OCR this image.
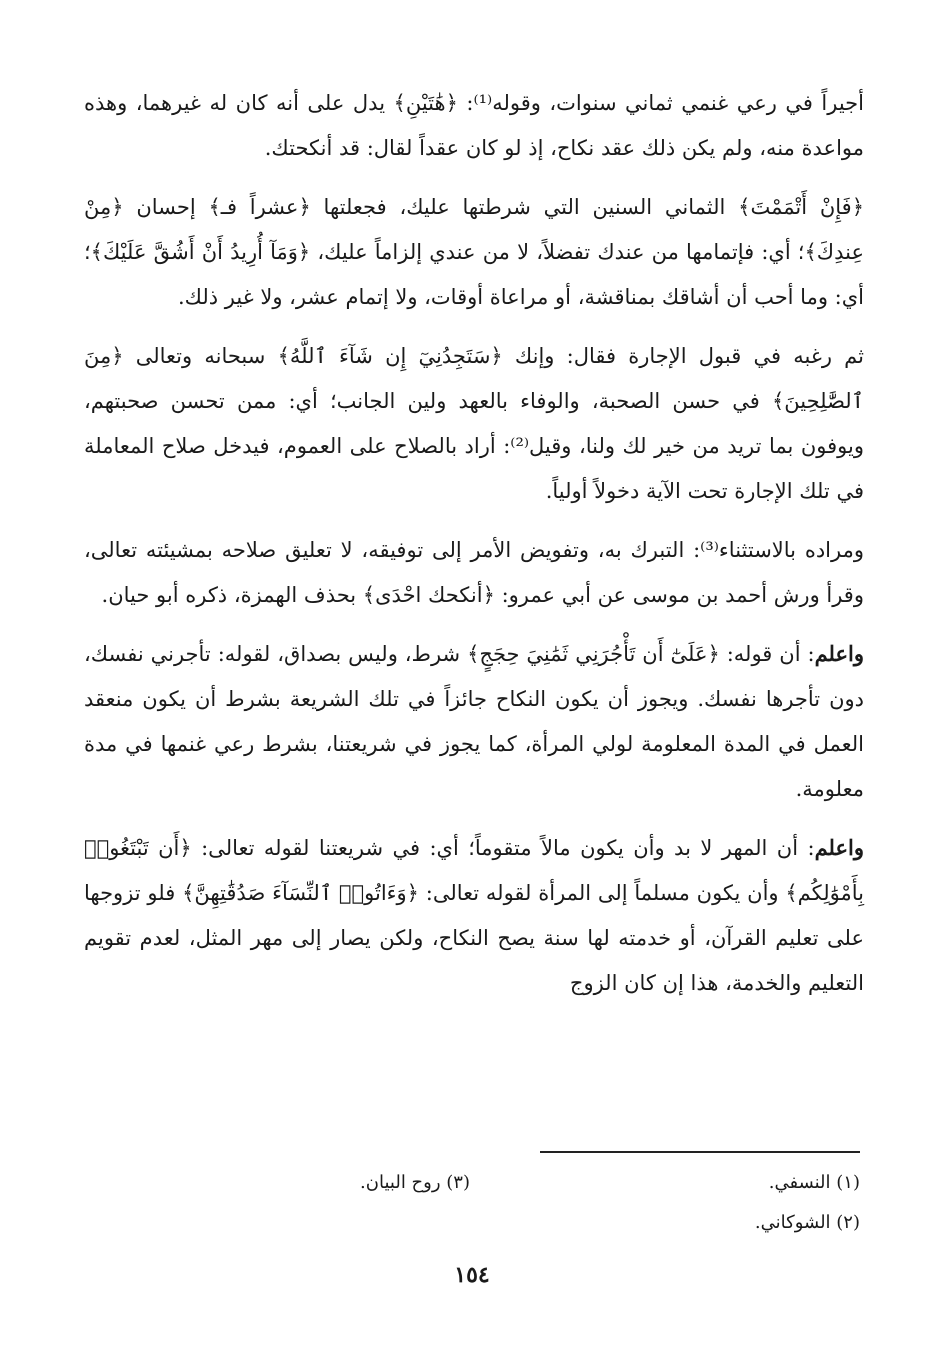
أجيراً في رعي غنمي ثماني سنوات، وقوله⁽¹⁾: ﴿هَٰتَيْنِ﴾ يدل على أنه كان له غيرهما، وهذه مواعدة منه، ولم يكن ذلك عقد نكاح، إذ لو كان عقداً لقال: قد أنكحتك.

﴿فَإِنْ أَتْمَمْتَ﴾ الثماني السنين التي شرطتها عليك، فجعلتها ﴿عشراً فـ﴾ إحسان ﴿مِنْ عِندِكَ﴾؛ أي: فإتمامها من عندك تفضلاً، لا من عندي إلزاماً عليك، ﴿وَمَآ أُرِيدُ أَنْ أَشُقَّ عَلَيْكَ﴾؛ أي: وما أحب أن أشاقك بمناقشة، أو مراعاة أوقات، ولا إتمام عشر، ولا غير ذلك.

ثم رغبه في قبول الإجارة فقال: وإنك ﴿سَتَجِدُنِيٓ إِن شَآءَ ٱللَّهُ﴾ سبحانه وتعالى ﴿مِنَ ٱلصَّٰلِحِينَ﴾ في حسن الصحبة، والوفاء بالعهد ولين الجانب؛ أي: ممن تحسن صحبتهم، ويوفون بما تريد من خير لك ولنا، وقيل⁽²⁾: أراد بالصلاح على العموم، فيدخل صلاح المعاملة في تلك الإجارة تحت الآية دخولاً أولياً.

ومراده بالاستثناء⁽³⁾: التبرك به، وتفويض الأمر إلى توفيقه، لا تعليق صلاحه بمشيئته تعالى، وقرأ ورش أحمد بن موسى عن أبي عمرو: ﴿أنكحك احْدَى﴾ بحذف الهمزة، ذكره أبو حيان.

واعلم: أن قوله: ﴿عَلَىٰٓ أَن تَأْجُرَنِي ثَمَٰنِيَ حِجَجٍ﴾ شرط، وليس بصداق، لقوله: تأجرني نفسك، دون تأجرها نفسك. ويجوز أن يكون النكاح جائزاً في تلك الشريعة بشرط أن يكون منعقد العمل في المدة المعلومة لولي المرأة، كما يجوز في شريعتنا، بشرط رعي غنمها في مدة معلومة.

واعلم: أن المهر لا بد وأن يكون مالاً متقوماً؛ أي: في شريعتنا لقوله تعالى: ﴿أَن تَبْتَغُوا۟ بِأَمْوَٰلِكُم﴾ وأن يكون مسلماً إلى المرأة لقوله تعالى: ﴿وَءَاتُوا۟ ٱلنِّسَآءَ صَدُقَٰتِهِنَّ﴾ فلو تزوجها على تعليم القرآن، أو خدمته لها سنة يصح النكاح، ولكن يصار إلى مهر المثل، لعدم تقويم التعليم والخدمة، هذا إن كان الزوج

(١) النسفي.
(٣) روح البيان.
(٢) الشوكاني.
١٥٤
